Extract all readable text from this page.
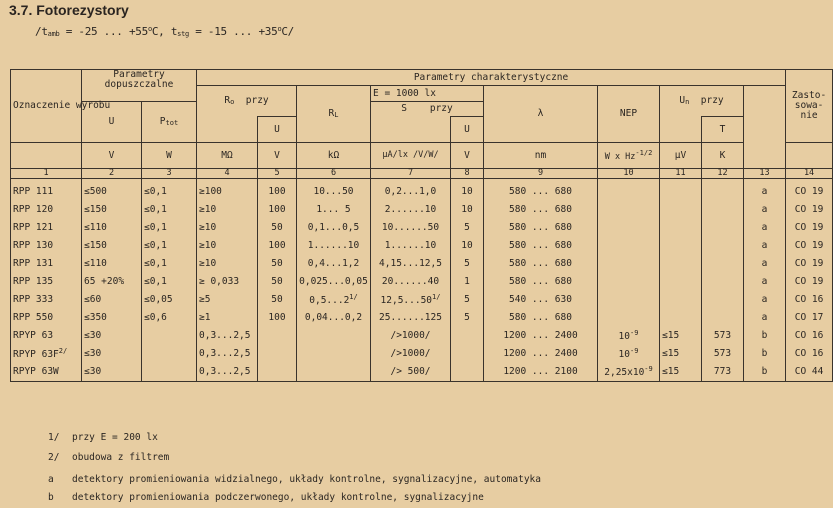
3.7. Fotorezystory
/tamb = -25 ... $+55^oC$, tstg = -15 ... $+35^oC/$
Oznaczenie wyrobu	Parametry dopuszczalne		Parametry charakterystyczne										Zasto-sowa-nie	
			Ro przy		RL	E = 1000 lx		λ	NEP	Un przy				
	U	Ptot				S przy								
				U			U				T			
	V	W	MΩ	V	kΩ	μA/lx /V/W/	V	nm	W x $Hz^{-1/2}$	μV	K			
1	2	3	4	5	6	7	8	9	10	11	12	13	14	
RPP 111	≤500	≤0,1	≥100	100	10...50	0,2...1,0	10	580 ... 680				a	CO 19	
RPP 120	≤150	≤0,1	≥10	100	1... 5	2......10	10	580 ... 680				a	CO 19	
RPP 121	≤110	≤0,1	≥10	50	0,1...0,5	10......50	5	580 ... 680				a	CO 19	
RPP 130	≤150	≤0,1	≥10	100	1......10	1......10	10	580 ... 680				a	CO 19	
RPP 131	≤110	≤0,1	≥10	50	0,4...1,2	4,15...12,5	5	580 ... 680				a	CO 19	
RPP 135	65 +20%	≤0,1	≥ 0,033	50	0,025...0,05	20......40	1	580 ... 680				a	CO 19	
RPP 333	≤60	≤0,05	≥5	50	$0,5...2^{1/}$	$12,5...50^{1/}$	5	540 ... 630				a	CO 16	
RPP 550	≤350	≤0,6	≥1	100	0,04...0,2	25......125	5	580 ... 680				a	CO 17	
RPYP 63	≤30		0,3...2,5			/>1000/		1200 ... 2400	$10^{-9}$	≤15	573	b	CO 16	
RPYP $63F^{2/}$	≤30		0,3...2,5			/>1000/		1200 ... 2400	$10^{-9}$	≤15	573	b	CO 16	
RPYP 63W	≤30		0,3...2,5			/> 500/		1200 ... 2100	$2,25x10^{-9}$	≤15	773	b	CO 44	
1/ przy E = 200 lx
2/ obudowa z filtrem
a detektory promieniowania widzialnego, układy kontrolne, sygnalizacyjne, automatyka
b detektory promieniowania podczerwonego, układy kontrolne, sygnalizacyjne
